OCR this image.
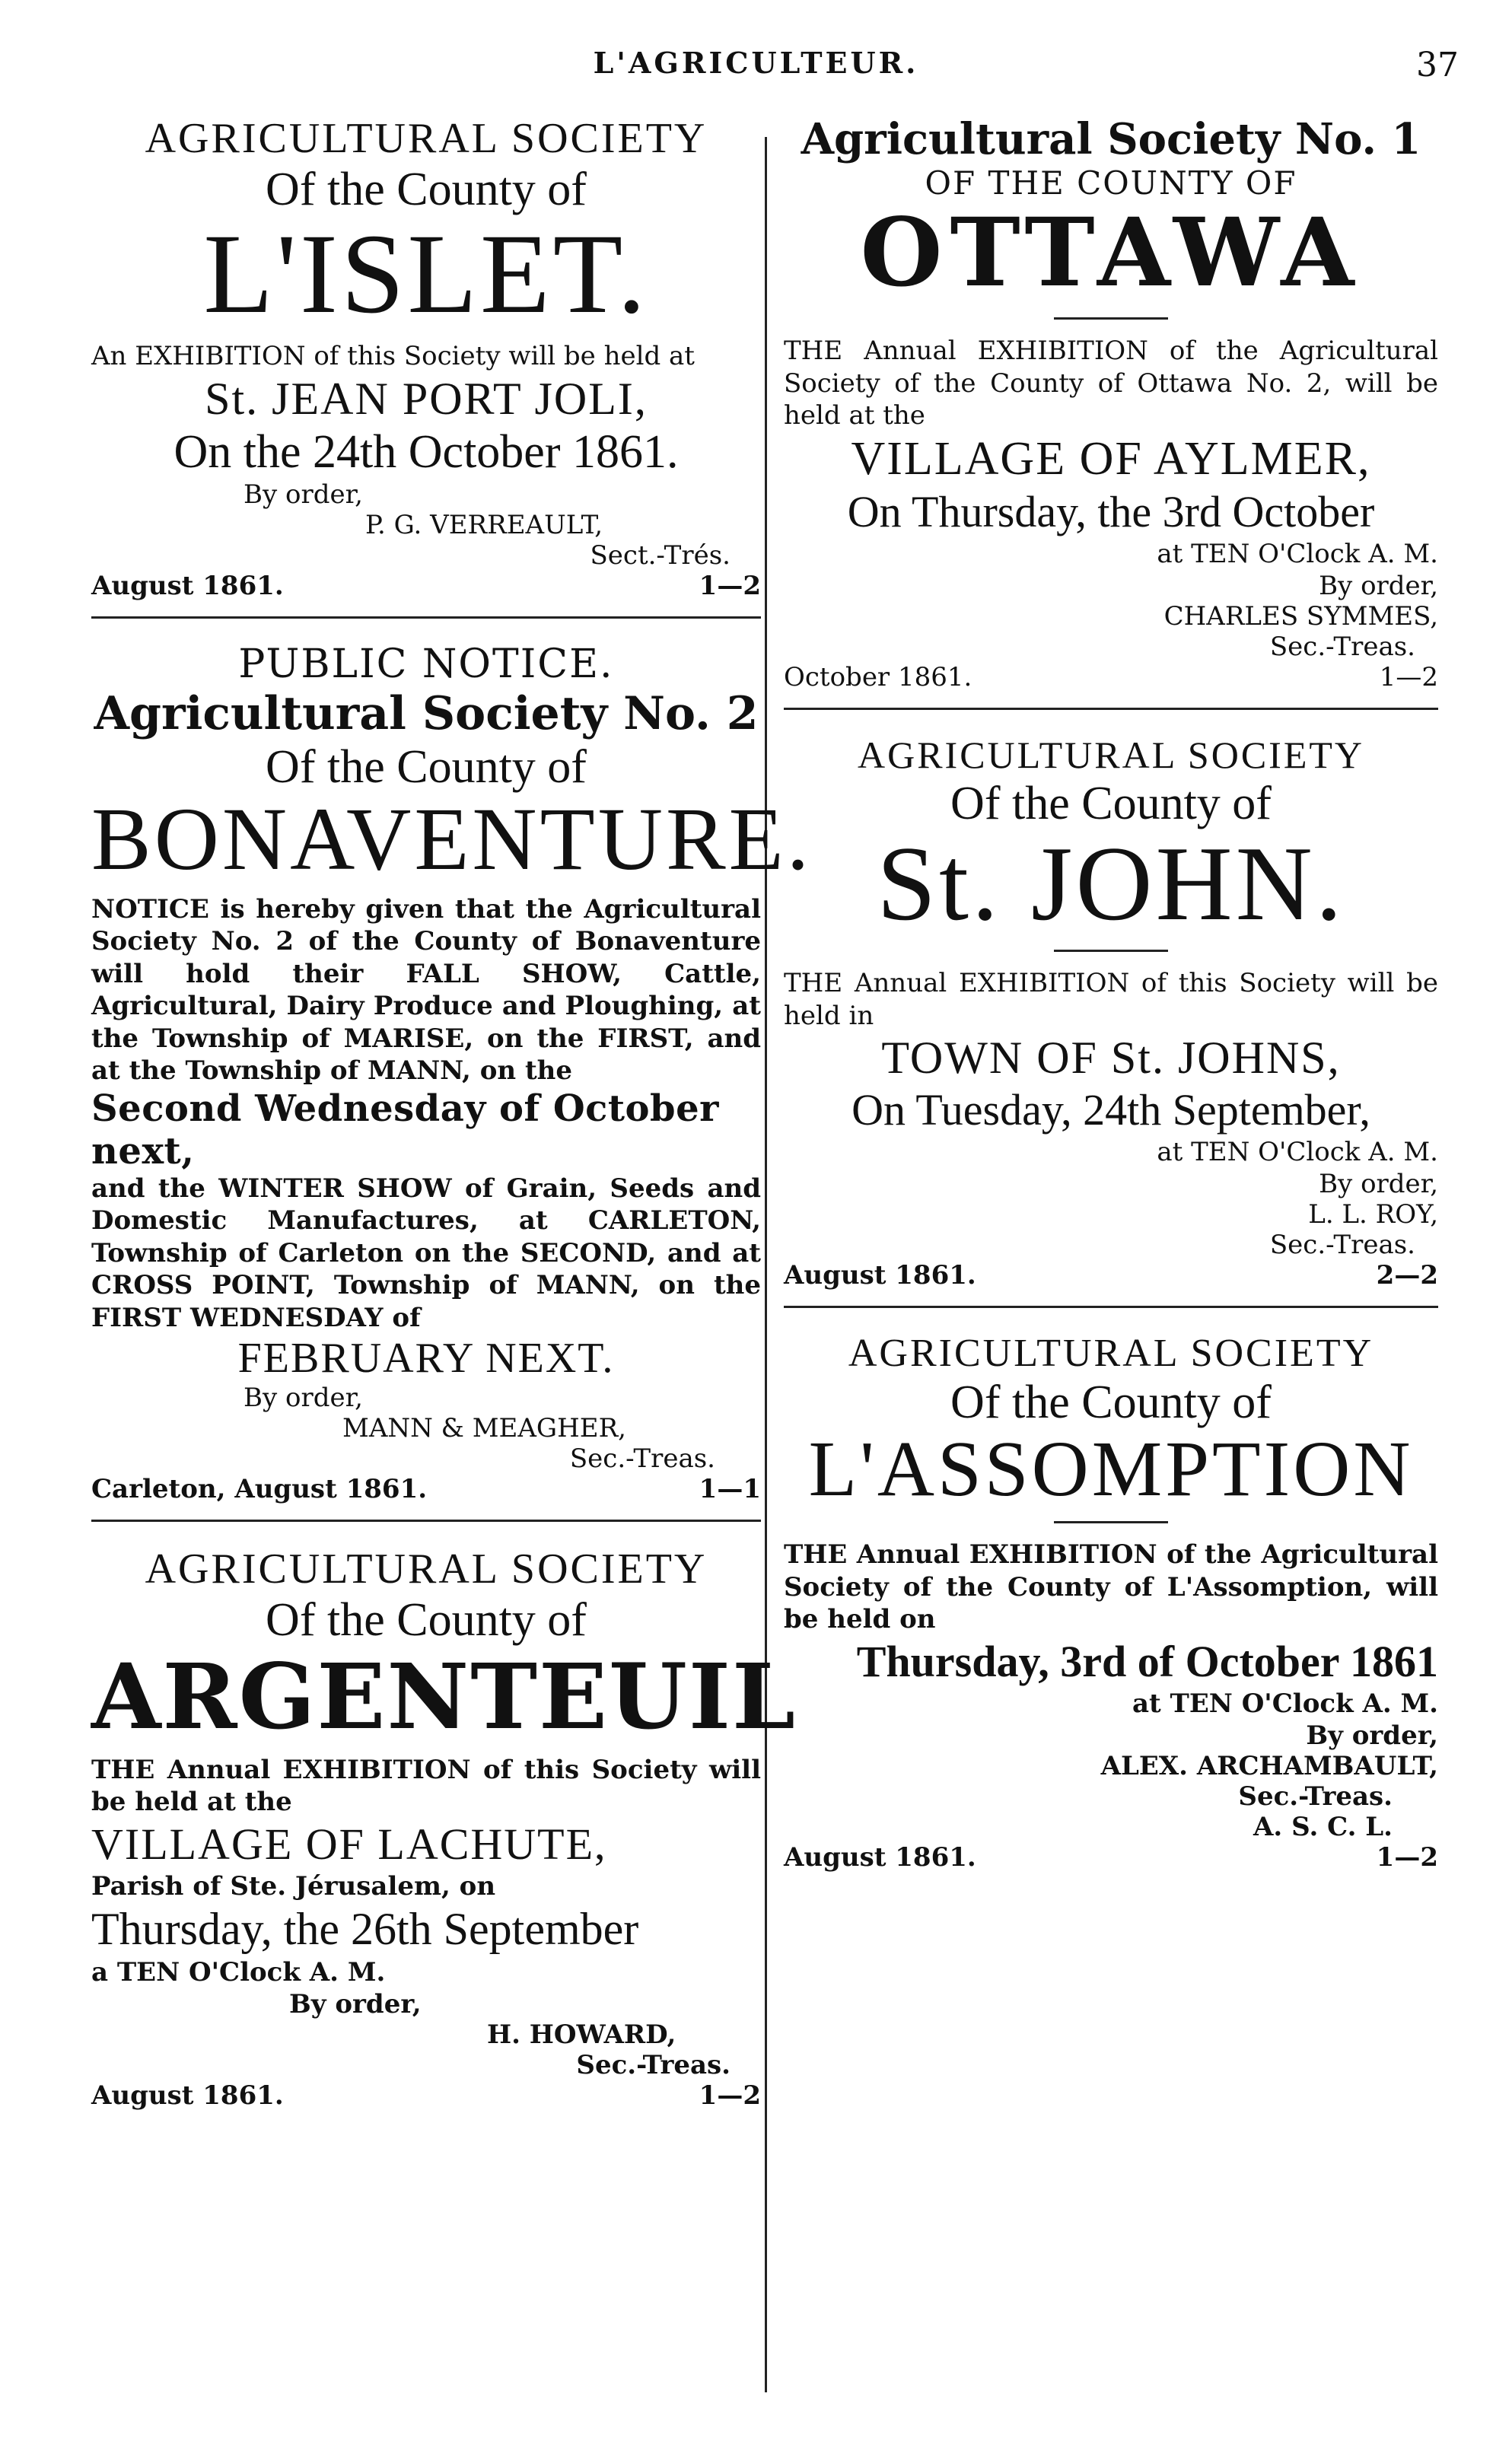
L'AGRICULTEUR.	37
AGRICULTURAL SOCIETY
Of the County of
L'ISLET.
An EXHIBITION of this Society will be held at
St. JEAN PORT JOLI,
On the 24th October 1861.
By order,
P. G. VERREAULT,
Sect.-Trés.
August 1861.	1—2
PUBLIC NOTICE.
Agricultural Society No. 2
Of the County of
BONAVENTURE.
NOTICE is hereby given that the Agricultural Society No. 2 of the County of Bonaventure will hold their FALL SHOW, Cattle, Agricultural, Dairy Produce and Ploughing, at the Township of MARISE, on the FIRST, and at the Township of MANN, on the
Second Wednesday of October next,
and the WINTER SHOW of Grain, Seeds and Domestic Manufactures, at CARLETON, Township of Carleton on the SECOND, and at CROSS POINT, Township of MANN, on the FIRST WEDNESDAY of
FEBRUARY NEXT.
By order,
MANN & MEAGHER,
Sec.-Treas.
Carleton, August 1861.	1—1
AGRICULTURAL SOCIETY
Of the County of
ARGENTEUIL
THE Annual EXHIBITION of this Society will be held at the
VILLAGE OF LACHUTE,
Parish of Ste. Jérusalem, on
Thursday, the 26th September
a TEN O'Clock A. M.
By order,
H. HOWARD,
Sec.-Treas.
August 1861.	1—2
Agricultural Society No. 1
OF THE COUNTY OF
OTTAWA
THE Annual EXHIBITION of the Agricultural Society of the County of Ottawa No. 2, will be held at the
VILLAGE OF AYLMER,
On Thursday, the 3rd October
at TEN O'Clock A. M.
By order,
CHARLES SYMMES,
Sec.-Treas.
October 1861.	1—2
AGRICULTURAL SOCIETY
Of the County of
St. JOHN.
THE Annual EXHIBITION of this Society will be held in
TOWN OF St. JOHNS,
On Tuesday, 24th September,
at TEN O'Clock A. M.
By order,
L. L. ROY,
Sec.-Treas.
August 1861.	2—2
AGRICULTURAL SOCIETY
Of the County of
L'ASSOMPTION
THE Annual EXHIBITION of the Agricultural Society of the County of L'Assomption, will be held on
Thursday, 3rd of October 1861
at TEN O'Clock A. M.
By order,
ALEX. ARCHAMBAULT,
Sec.-Treas.
A. S. C. L.
August 1861.	1—2
